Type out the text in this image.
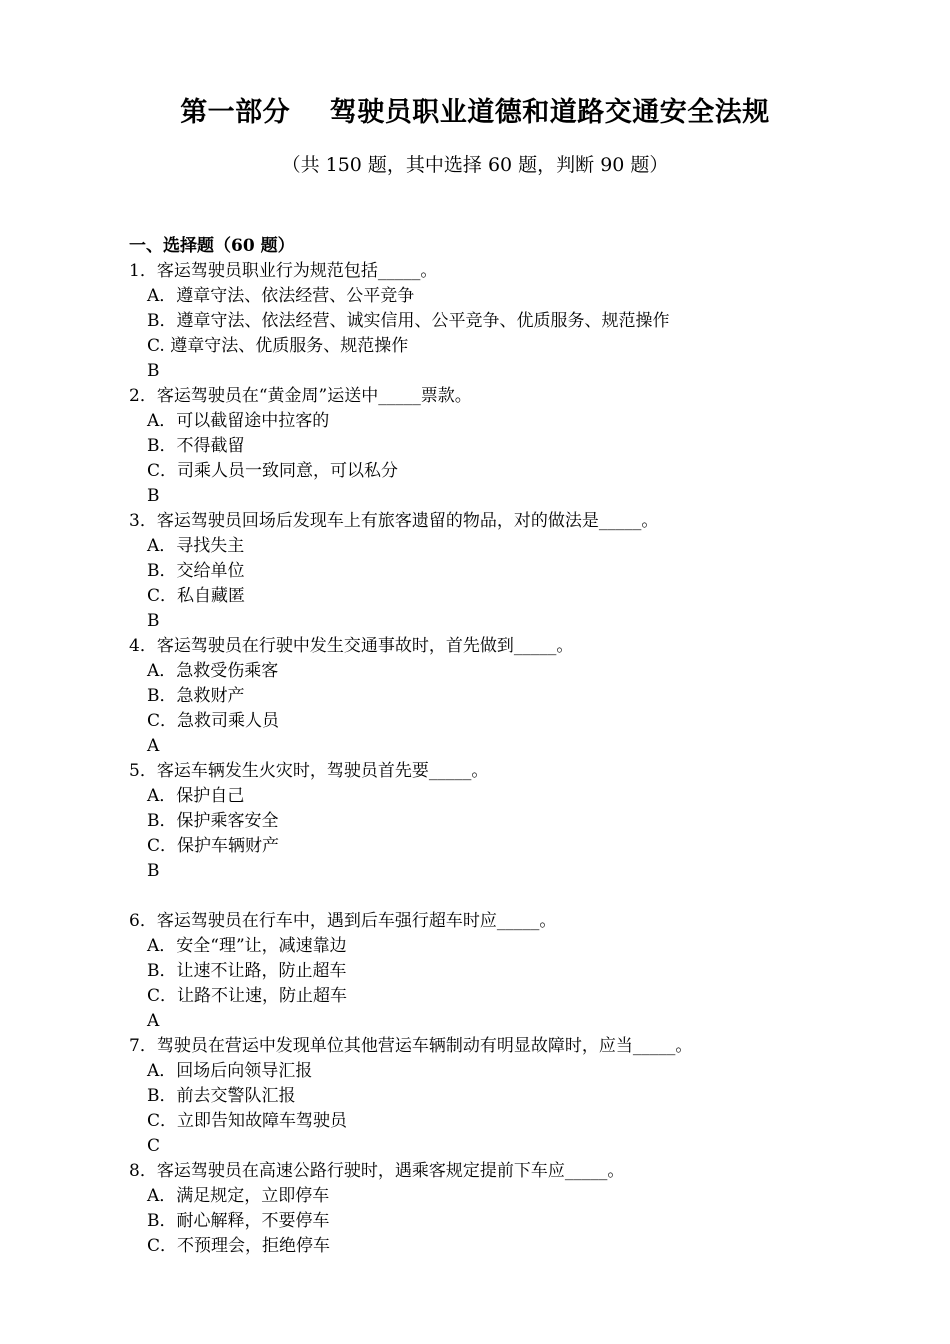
第一部分    驾驶员职业道德和道路交通安全法规
（共 150 题，其中选择 60 题，判断 90 题）
一、选择题（60 题）
1．客运驾驶员职业行为规范包括_____。
A．遵章守法、依法经营、公平竞争
B．遵章守法、依法经营、诚实信用、公平竞争、优质服务、规范操作
C. 遵章守法、优质服务、规范操作
B
2．客运驾驶员在“黄金周”运送中_____票款。
A．可以截留途中拉客的
B．不得截留
C．司乘人员一致同意，可以私分
B
3．客运驾驶员回场后发现车上有旅客遗留的物品，对的做法是_____。
A．寻找失主
B．交给单位
C．私自藏匿
B
4．客运驾驶员在行驶中发生交通事故时，首先做到_____。
A．急救受伤乘客
B．急救财产
C．急救司乘人员
A
5．客运车辆发生火灾时，驾驶员首先要_____。
A．保护自己
B．保护乘客安全
C．保护车辆财产
B
6．客运驾驶员在行车中，遇到后车强行超车时应_____。
A．安全“理”让，减速靠边
B．让速不让路，防止超车
C．让路不让速，防止超车
A
7．驾驶员在营运中发现单位其他营运车辆制动有明显故障时，应当_____。
A．回场后向领导汇报
B．前去交警队汇报
C．立即告知故障车驾驶员
C
8．客运驾驶员在高速公路行驶时，遇乘客规定提前下车应_____。
A．满足规定，立即停车
B．耐心解释，不要停车
C．不预理会，拒绝停车
